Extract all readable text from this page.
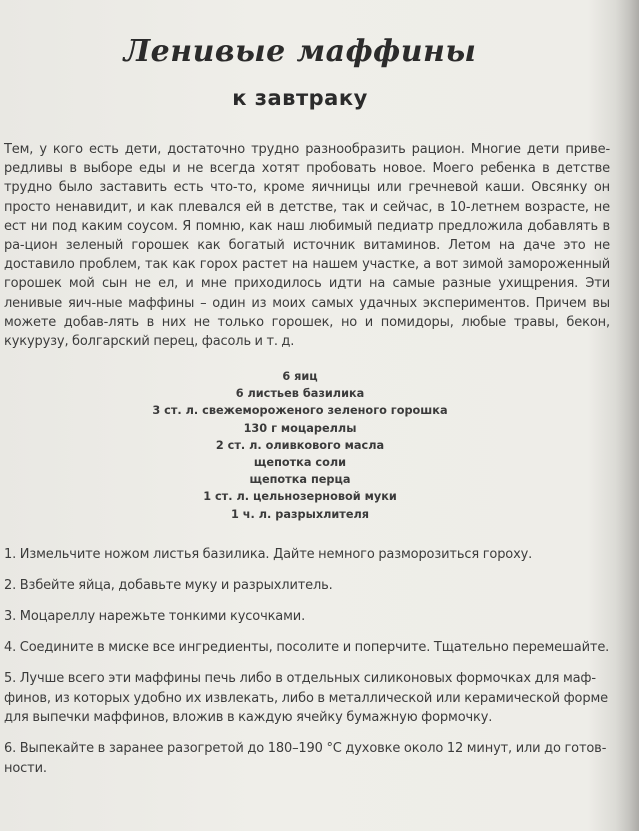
Ленивые маффины
к завтраку

Тем, у кого есть дети, достаточно трудно разнообразить рацион. Многие дети приве-редливы в выборе еды и не всегда хотят пробовать новое. Моего ребенка в детстве трудно было заставить есть что-то, кроме яичницы или гречневой каши. Овсянку он просто ненавидит, и как плевался ей в детстве, так и сейчас, в 10-летнем возрасте, не ест ни под каким соусом. Я помню, как наш любимый педиатр предложила добавлять в ра-цион зеленый горошек как богатый источник витаминов. Летом на даче это не доставило проблем, так как горох растет на нашем участке, а вот зимой замороженный горошек мой сын не ел, и мне приходилось идти на самые разные ухищрения. Эти ленивые яич-ные маффины – один из моих самых удачных экспериментов. Причем вы можете добав-лять в них не только горошек, но и помидоры, любые травы, бекон, кукурузу, болгарский перец, фасоль и т. д.

6 яиц
6 листьев базилика
3 ст. л. свежемороженого зеленого горошка
130 г моцареллы
2 ст. л. оливкового масла
щепотка соли
щепотка перца
1 ст. л. цельнозерновой муки
1 ч. л. разрыхлителя
1. Измельчите ножом листья базилика. Дайте немного разморозиться гороху.
2. Взбейте яйца, добавьте муку и разрыхлитель.
3. Моцареллу нарежьте тонкими кусочками.
4. Соедините в миске все ингредиенты, посолите и поперчите. Тщательно перемешайте.
5. Лучше всего эти маффины печь либо в отдельных силиконовых формочках для маф-финов, из которых удобно их извлекать, либо в металлической или керамической форме для выпечки маффинов, вложив в каждую ячейку бумажную формочку.
6. Выпекайте в заранее разогретой до 180–190 °С духовке около 12 минут, или до готов-ности.
